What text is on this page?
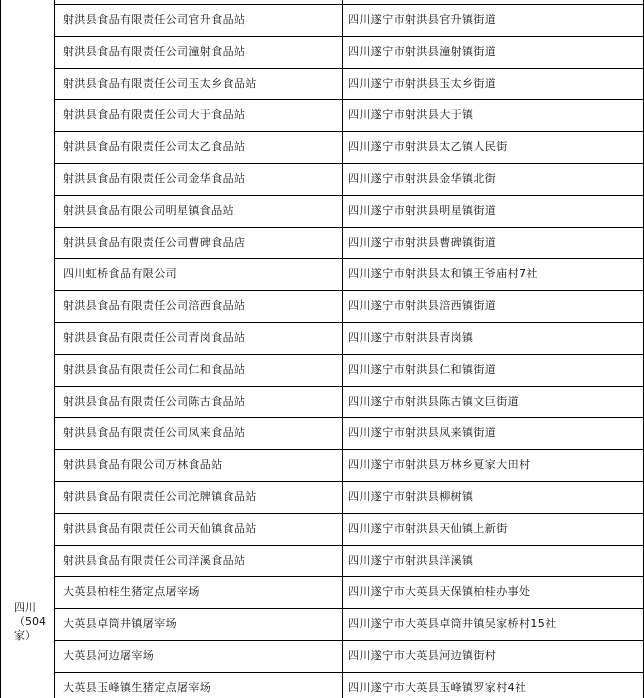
射洪县食品有限责任公司官升食品站	四川遂宁市射洪县官升镇街道
射洪县食品有限责任公司潼射食品站	四川遂宁市射洪县潼射镇街道
射洪县食品有限责任公司玉太乡食品站	四川遂宁市射洪县玉太乡街道
射洪县食品有限责任公司大于食品站	四川遂宁市射洪县大于镇
射洪县食品有限责任公司太乙食品站	四川遂宁市射洪县太乙镇人民街
射洪县食品有限责任公司金华食品站	四川遂宁市射洪县金华镇北街
射洪县食品有限公司明星镇食品站	四川遂宁市射洪县明星镇街道
射洪县食品有限责任公司曹碑食品店	四川遂宁市射洪县曹碑镇街道
四川虹桥食品有限公司	四川遂宁市射洪县太和镇王爷庙村7社
射洪县食品有限责任公司涪西食品站	四川遂宁市射洪县涪西镇街道
射洪县食品有限责任公司青岗食品站	四川遂宁市射洪县青岗镇
射洪县食品有限责任公司仁和食品站	四川遂宁市射洪县仁和镇街道
射洪县食品有限责任公司陈古食品站	四川遂宁市射洪县陈古镇文巨街道
射洪县食品有限责任公司凤来食品站	四川遂宁市射洪县凤来镇街道
射洪县食品有限公司万林食品站	四川遂宁市射洪县万林乡夏家大田村
射洪县食品有限责任公司沱牌镇食品站	四川遂宁市射洪县柳树镇
射洪县食品有限责任公司天仙镇食品站	四川遂宁市射洪县天仙镇上新街
射洪县食品有限责任公司洋溪食品站	四川遂宁市射洪县洋溪镇
大英县柏桂生猪定点屠宰场	四川遂宁市大英县天保镇柏桂办事处
大英县卓筒井镇屠宰场	四川遂宁市大英县卓筒井镇吴家桥村15社
大英县河边屠宰场	四川遂宁市大英县河边镇街村
大英县玉峰镇生猪定点屠宰场	四川遂宁市大英县玉峰镇罗家村4社
四川
（504
家）
